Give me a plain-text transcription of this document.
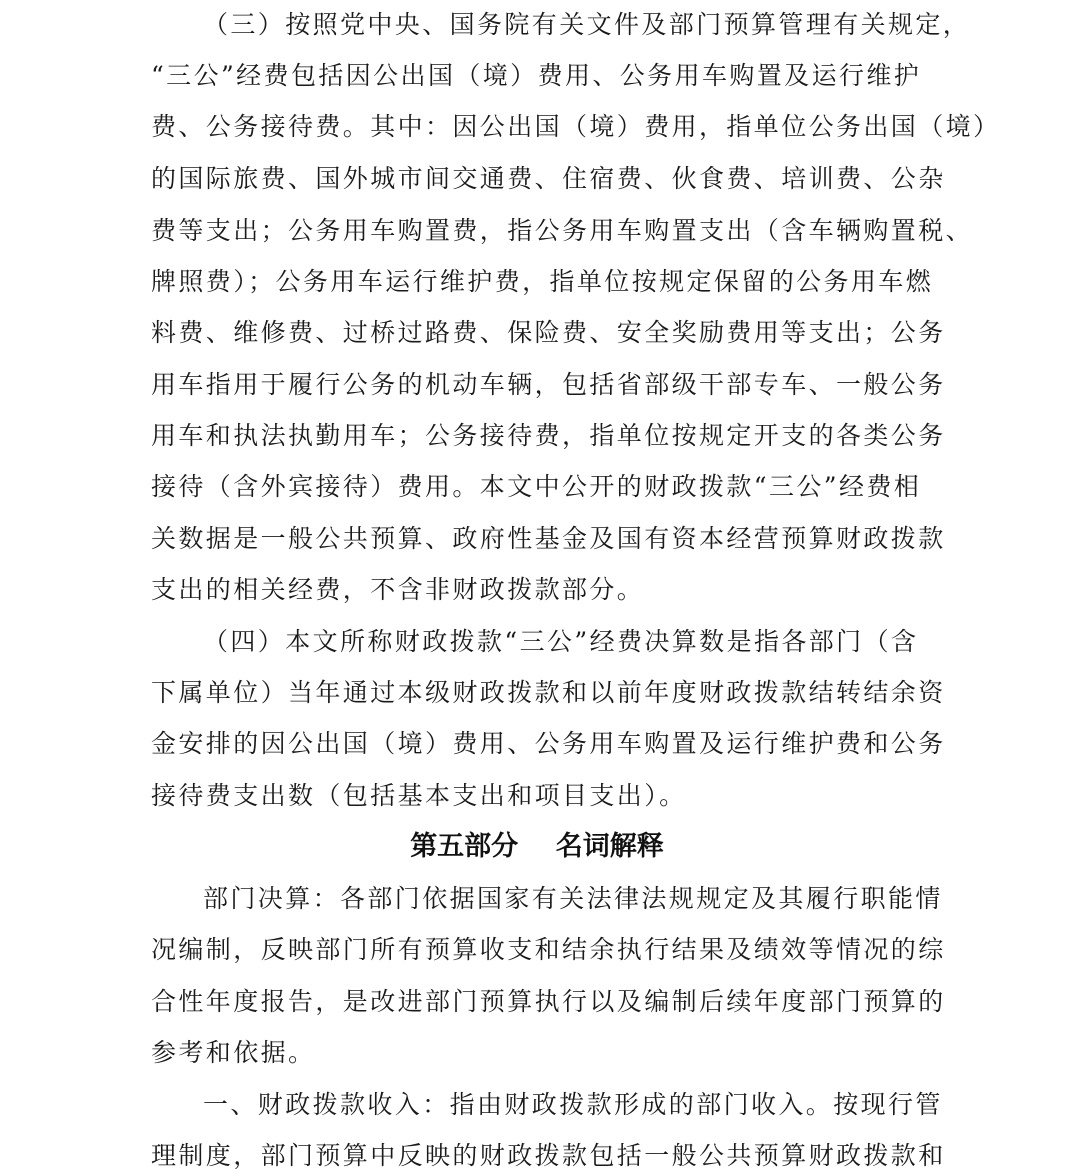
（三）按照党中央、国务院有关文件及部门预算管理有关规定，
“三公”经费包括因公出国（境）费用、公务用车购置及运行维护
费、公务接待费。其中：因公出国（境）费用，指单位公务出国（境）
的国际旅费、国外城市间交通费、住宿费、伙食费、培训费、公杂
费等支出；公务用车购置费，指公务用车购置支出（含车辆购置税、
牌照费）；公务用车运行维护费，指单位按规定保留的公务用车燃
料费、维修费、过桥过路费、保险费、安全奖励费用等支出；公务
用车指用于履行公务的机动车辆，包括省部级干部专车、一般公务
用车和执法执勤用车；公务接待费，指单位按规定开支的各类公务
接待（含外宾接待）费用。本文中公开的财政拨款“三公”经费相
关数据是一般公共预算、政府性基金及国有资本经营预算财政拨款
支出的相关经费，不含非财政拨款部分。
（四）本文所称财政拨款“三公”经费决算数是指各部门（含
下属单位）当年通过本级财政拨款和以前年度财政拨款结转结余资
金安排的因公出国（境）费用、公务用车购置及运行维护费和公务
接待费支出数（包括基本支出和项目支出）。
第五部分    名词解释
部门决算：各部门依据国家有关法律法规规定及其履行职能情
况编制，反映部门所有预算收支和结余执行结果及绩效等情况的综
合性年度报告，是改进部门预算执行以及编制后续年度部门预算的
参考和依据。
一、财政拨款收入：指由财政拨款形成的部门收入。按现行管
理制度，部门预算中反映的财政拨款包括一般公共预算财政拨款和
